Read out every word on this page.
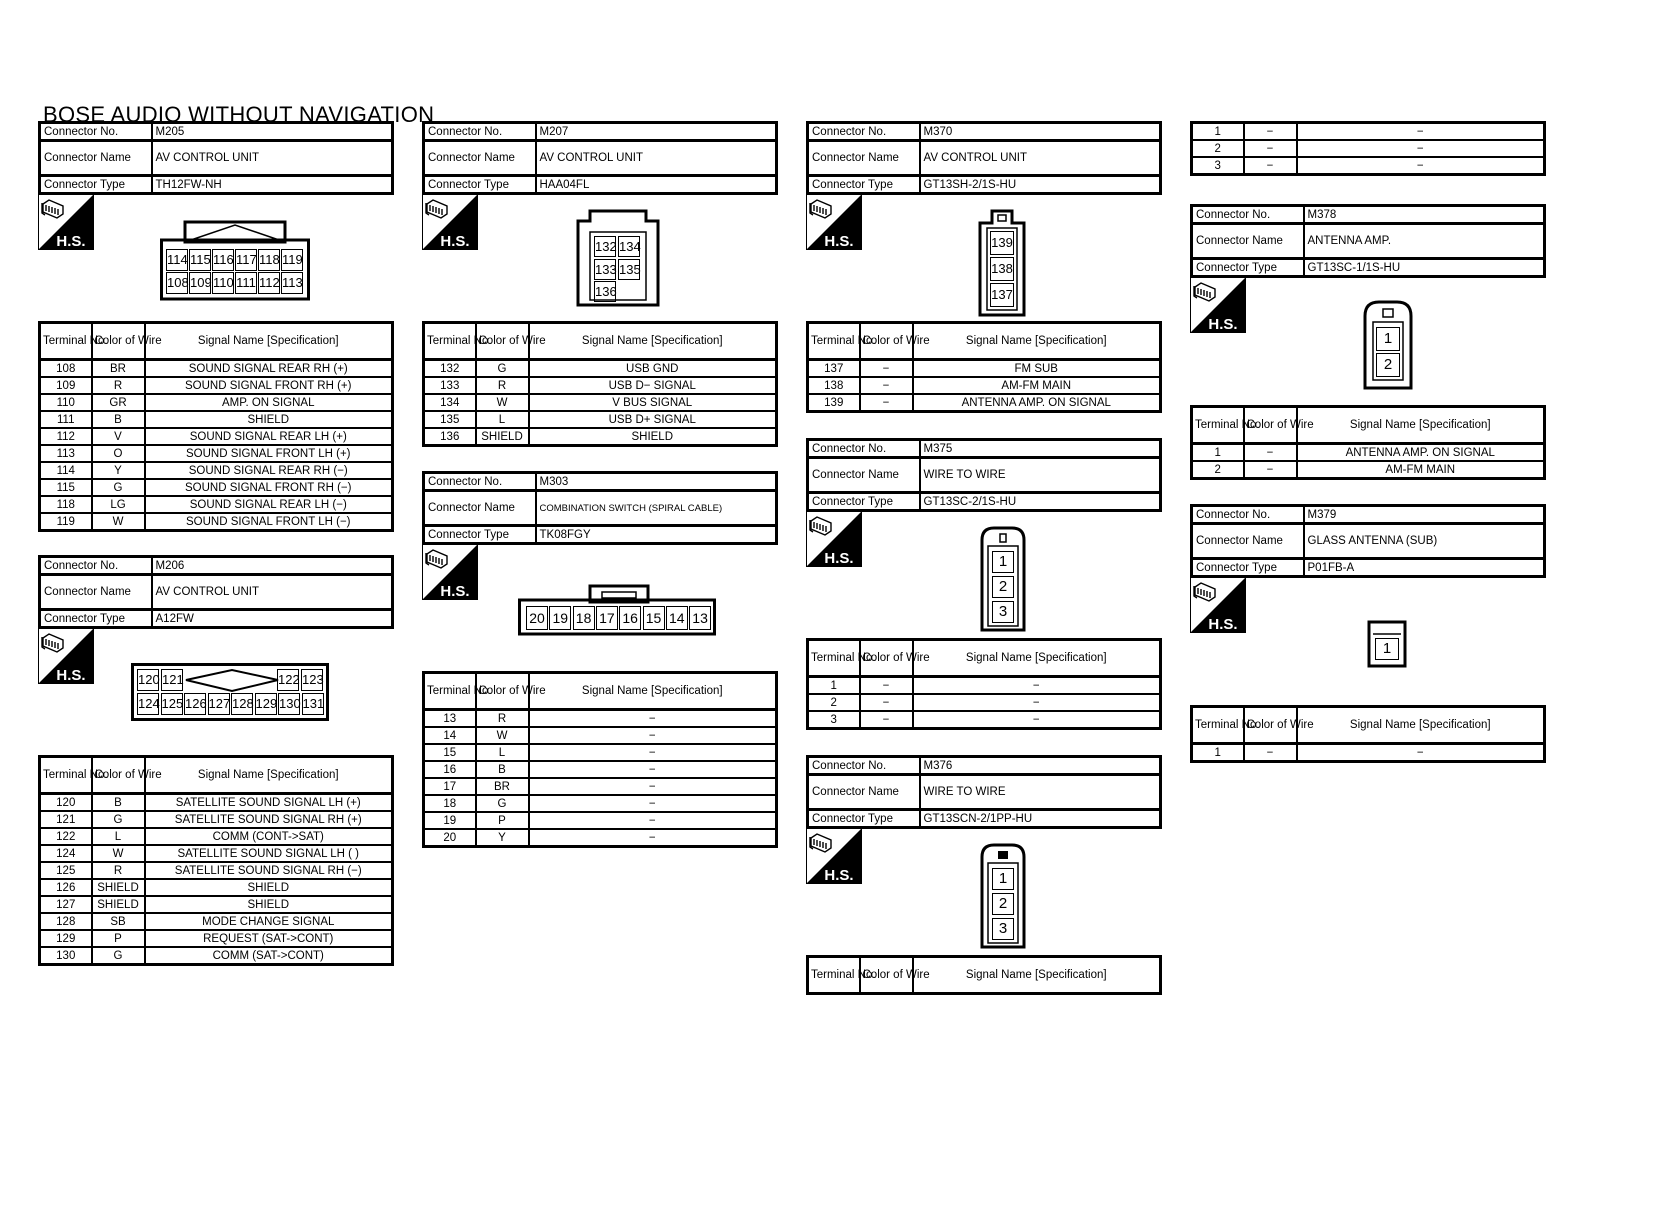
BOSE AUDIO WITHOUT NAVIGATION
Connector No.	M205
Connector Name	AV CONTROL UNIT
Connector Type	TH12FW-NH
H.S.
114 115 116 117 118 119
108 109 110 111 112 113
Terminal No.	Color of Wire	Signal Name [Specification]
108	BR	SOUND SIGNAL REAR RH (+)
109	R	SOUND SIGNAL FRONT RH (+)
110	GR	AMP. ON SIGNAL
111	B	SHIELD
112	V	SOUND SIGNAL REAR LH (+)
113	O	SOUND SIGNAL FRONT LH (+)
114	Y	SOUND SIGNAL REAR RH (−)
115	G	SOUND SIGNAL FRONT RH (−)
118	LG	SOUND SIGNAL REAR LH (−)
119	W	SOUND SIGNAL FRONT LH (−)
Connector No.	M206
Connector Name	AV CONTROL UNIT
Connector Type	A12FW
H.S.	120 121	122 123
124 125 126 127 128 129 130 131
Terminal No.	Color of Wire	Signal Name [Specification]
120	B	SATELLITE SOUND SIGNAL LH (+)
121	G	SATELLITE SOUND SIGNAL RH (+)
122	L	COMM (CONT->SAT)
124	W	SATELLITE SOUND SIGNAL LH ( )
125	R	SATELLITE SOUND SIGNAL RH (−)
126	SHIELD	SHIELD
127	SHIELD	SHIELD
128	SB	MODE CHANGE SIGNAL
129	P	REQUEST (SAT->CONT)
130	G	COMM (SAT->CONT)
Connector No.	M207
Connector Name	AV CONTROL UNIT
Connector Type	HAA04FL
H.S.	132 134
133 135
136
Terminal No.	Color of Wire	Signal Name [Specification]
132	G	USB GND
133	R	USB D− SIGNAL
134	W	V BUS SIGNAL
135	L	USB D+ SIGNAL
136	SHIELD	SHIELD
Connector No.	M303
Connector Name	COMBINATION SWITCH (SPIRAL CABLE)
Connector Type	TK08FGY
H.S.
20 19 18 17 16 15 14 13
Terminal No.	Color of Wire	Signal Name [Specification]
13	R	−
14	W	−
15	L	−
16	B	−
17	BR	−
18	G	−
19	P	−
20	Y	−
Connector No.	M370
Connector Name	AV CONTROL UNIT
Connector Type	GT13SH-2/1S-HU
H.S.	139
138
137
Terminal No.	Color of Wire	Signal Name [Specification]
137	−	FM SUB
138	−	AM-FM MAIN
139	−	ANTENNA AMP. ON SIGNAL
Connector No.	M375
Connector Name	WIRE TO WIRE
Connector Type	GT13SC-2/1S-HU
H.S.	1
2
3
Terminal No.	Color of Wire	Signal Name [Specification]
1	−	−
2	−	−
3	−	−
Connector No.	M376
Connector Name	WIRE TO WIRE
Connector Type	GT13SCN-2/1PP-HU
H.S.	1
2
3
Terminal No.	Color of Wire	Signal Name [Specification]
1	−	−
2	−	−
3	−	−
Connector No.	M378
Connector Name	ANTENNA AMP.
Connector Type	GT13SC-1/1S-HU
H.S.
1
2
Terminal No.	Color of Wire	Signal Name [Specification]
1	−	ANTENNA AMP. ON SIGNAL
2	−	AM-FM MAIN
Connector No.	M379
Connector Name	GLASS ANTENNA (SUB)
Connector Type	P01FB-A
H.S.
1
Terminal No.	Color of Wire	Signal Name [Specification]
1	−	−
